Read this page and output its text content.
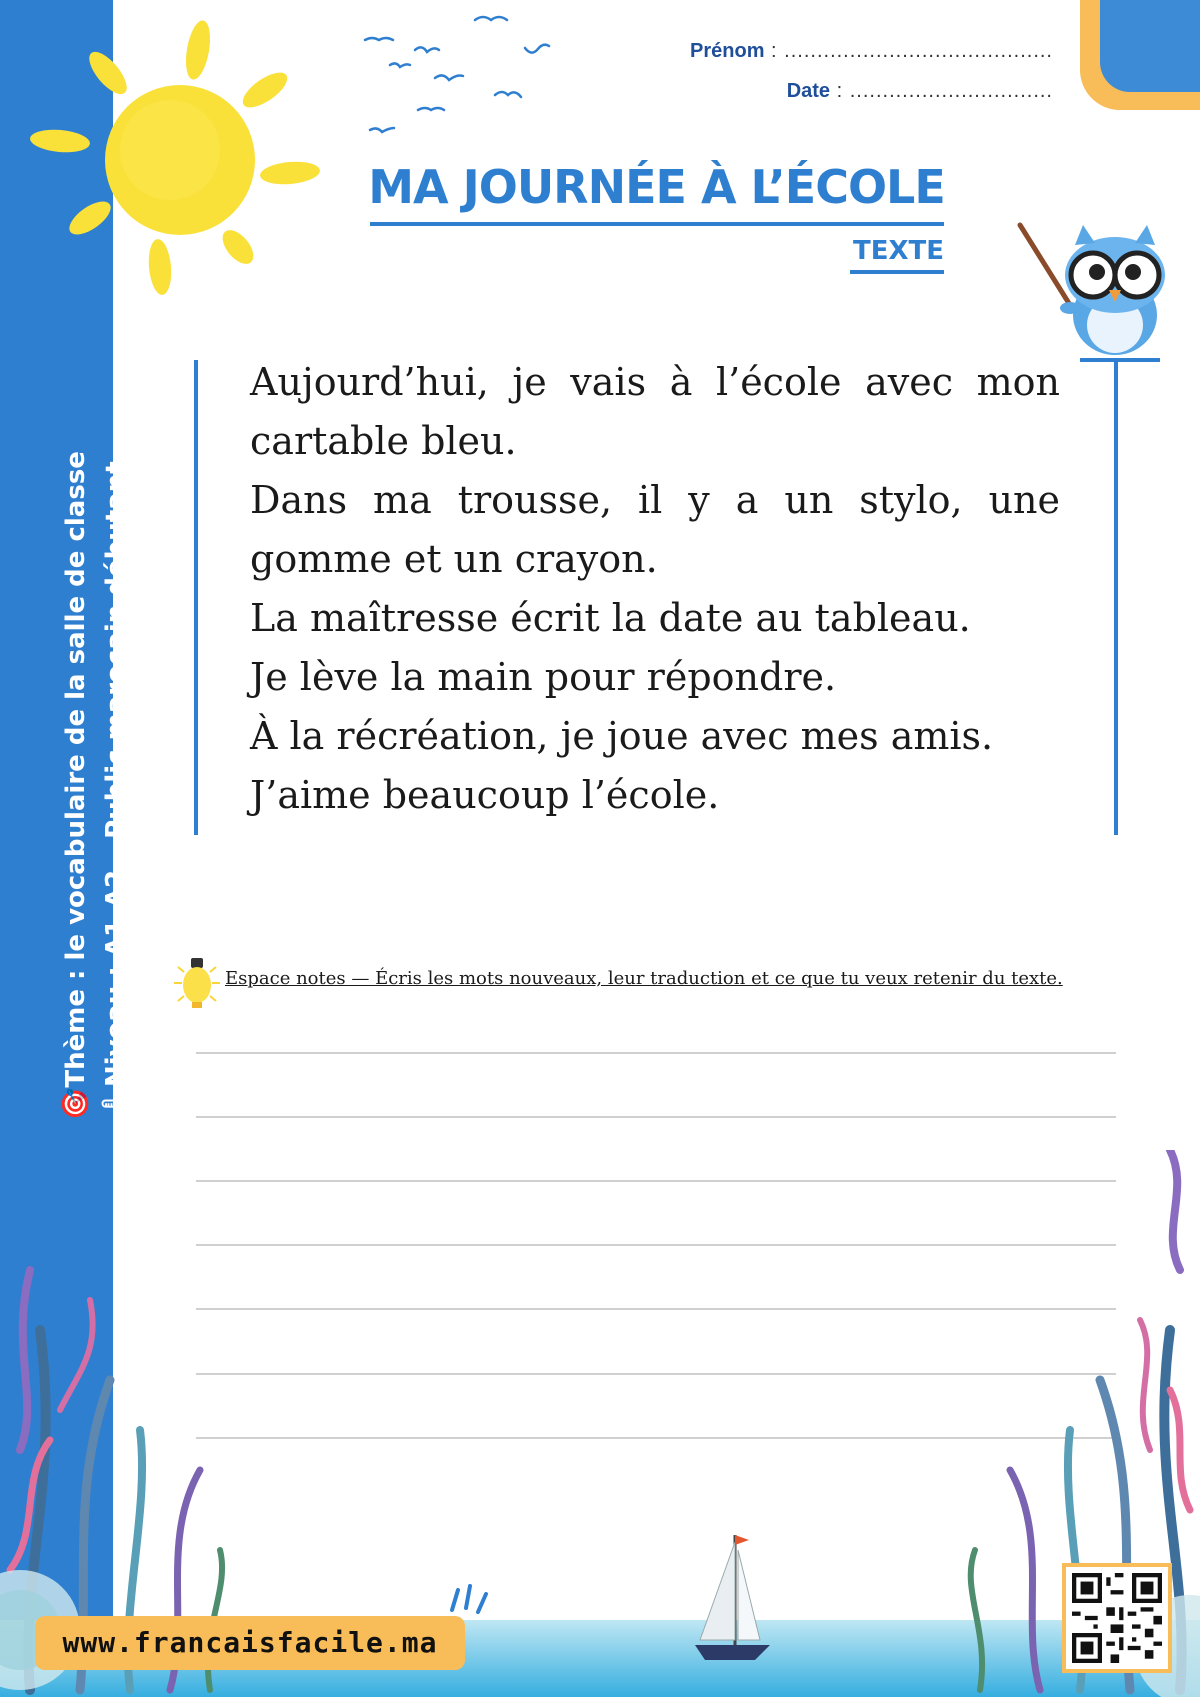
🎯Thème : le vocabulaire de la salle de classe 🌡Niveau : A1-A2 – Public marocain débutant
Prénom : .........................................
Date : ...............................
MA JOURNÉE À L’ÉCOLE
TEXTE
Aujourd’hui, je vais à l’école avec mon cartable bleu.
Dans ma trousse, il y a un stylo, une gomme et un crayon.
La maîtresse écrit la date au tableau.
Je lève la main pour répondre.
À la récréation, je joue avec mes amis.
J’aime beaucoup l’école.
Espace notes — Écris les mots nouveaux, leur traduction et ce que tu veux retenir du texte.
www.francaisfacile.ma
